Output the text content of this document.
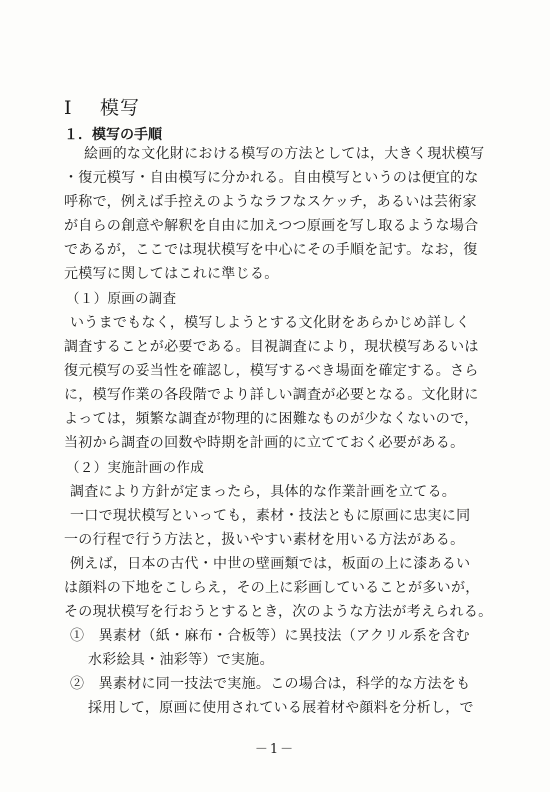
Ⅰ 模写
１．模写の手順
絵画的な文化財における模写の方法としては，大きく現状模写
・復元模写・自由模写に分かれる。自由模写というのは便宜的な
呼称で，例えば手控えのようなラフなスケッチ，あるいは芸術家
が自らの創意や解釈を自由に加えつつ原画を写し取るような場合
であるが，ここでは現状模写を中心にその手順を記す。なお，復
元模写に関してはこれに準じる。
（１）原画の調査
いうまでもなく，模写しようとする文化財をあらかじめ詳しく
調査することが必要である。目視調査により，現状模写あるいは
復元模写の妥当性を確認し，模写するべき場面を確定する。さら
に，模写作業の各段階でより詳しい調査が必要となる。文化財に
よっては，頻繁な調査が物理的に困難なものが少なくないので，
当初から調査の回数や時期を計画的に立てておく必要がある。
（２）実施計画の作成
調査により方針が定まったら，具体的な作業計画を立てる。
一口で現状模写といっても，素材・技法ともに原画に忠実に同
一の行程で行う方法と，扱いやすい素材を用いる方法がある。
例えば，日本の古代・中世の壁画類では，板面の上に漆あるい
は顔料の下地をこしらえ，その上に彩画していることが多いが，
その現状模写を行おうとするとき，次のような方法が考えられる。
①　異素材（紙・麻布・合板等）に異技法（アクリル系を含む
水彩絵具・油彩等）で実施。
②　異素材に同一技法で実施。この場合は，科学的な方法をも
採用して，原画に使用されている展着材や顔料を分析し，で
－1－
